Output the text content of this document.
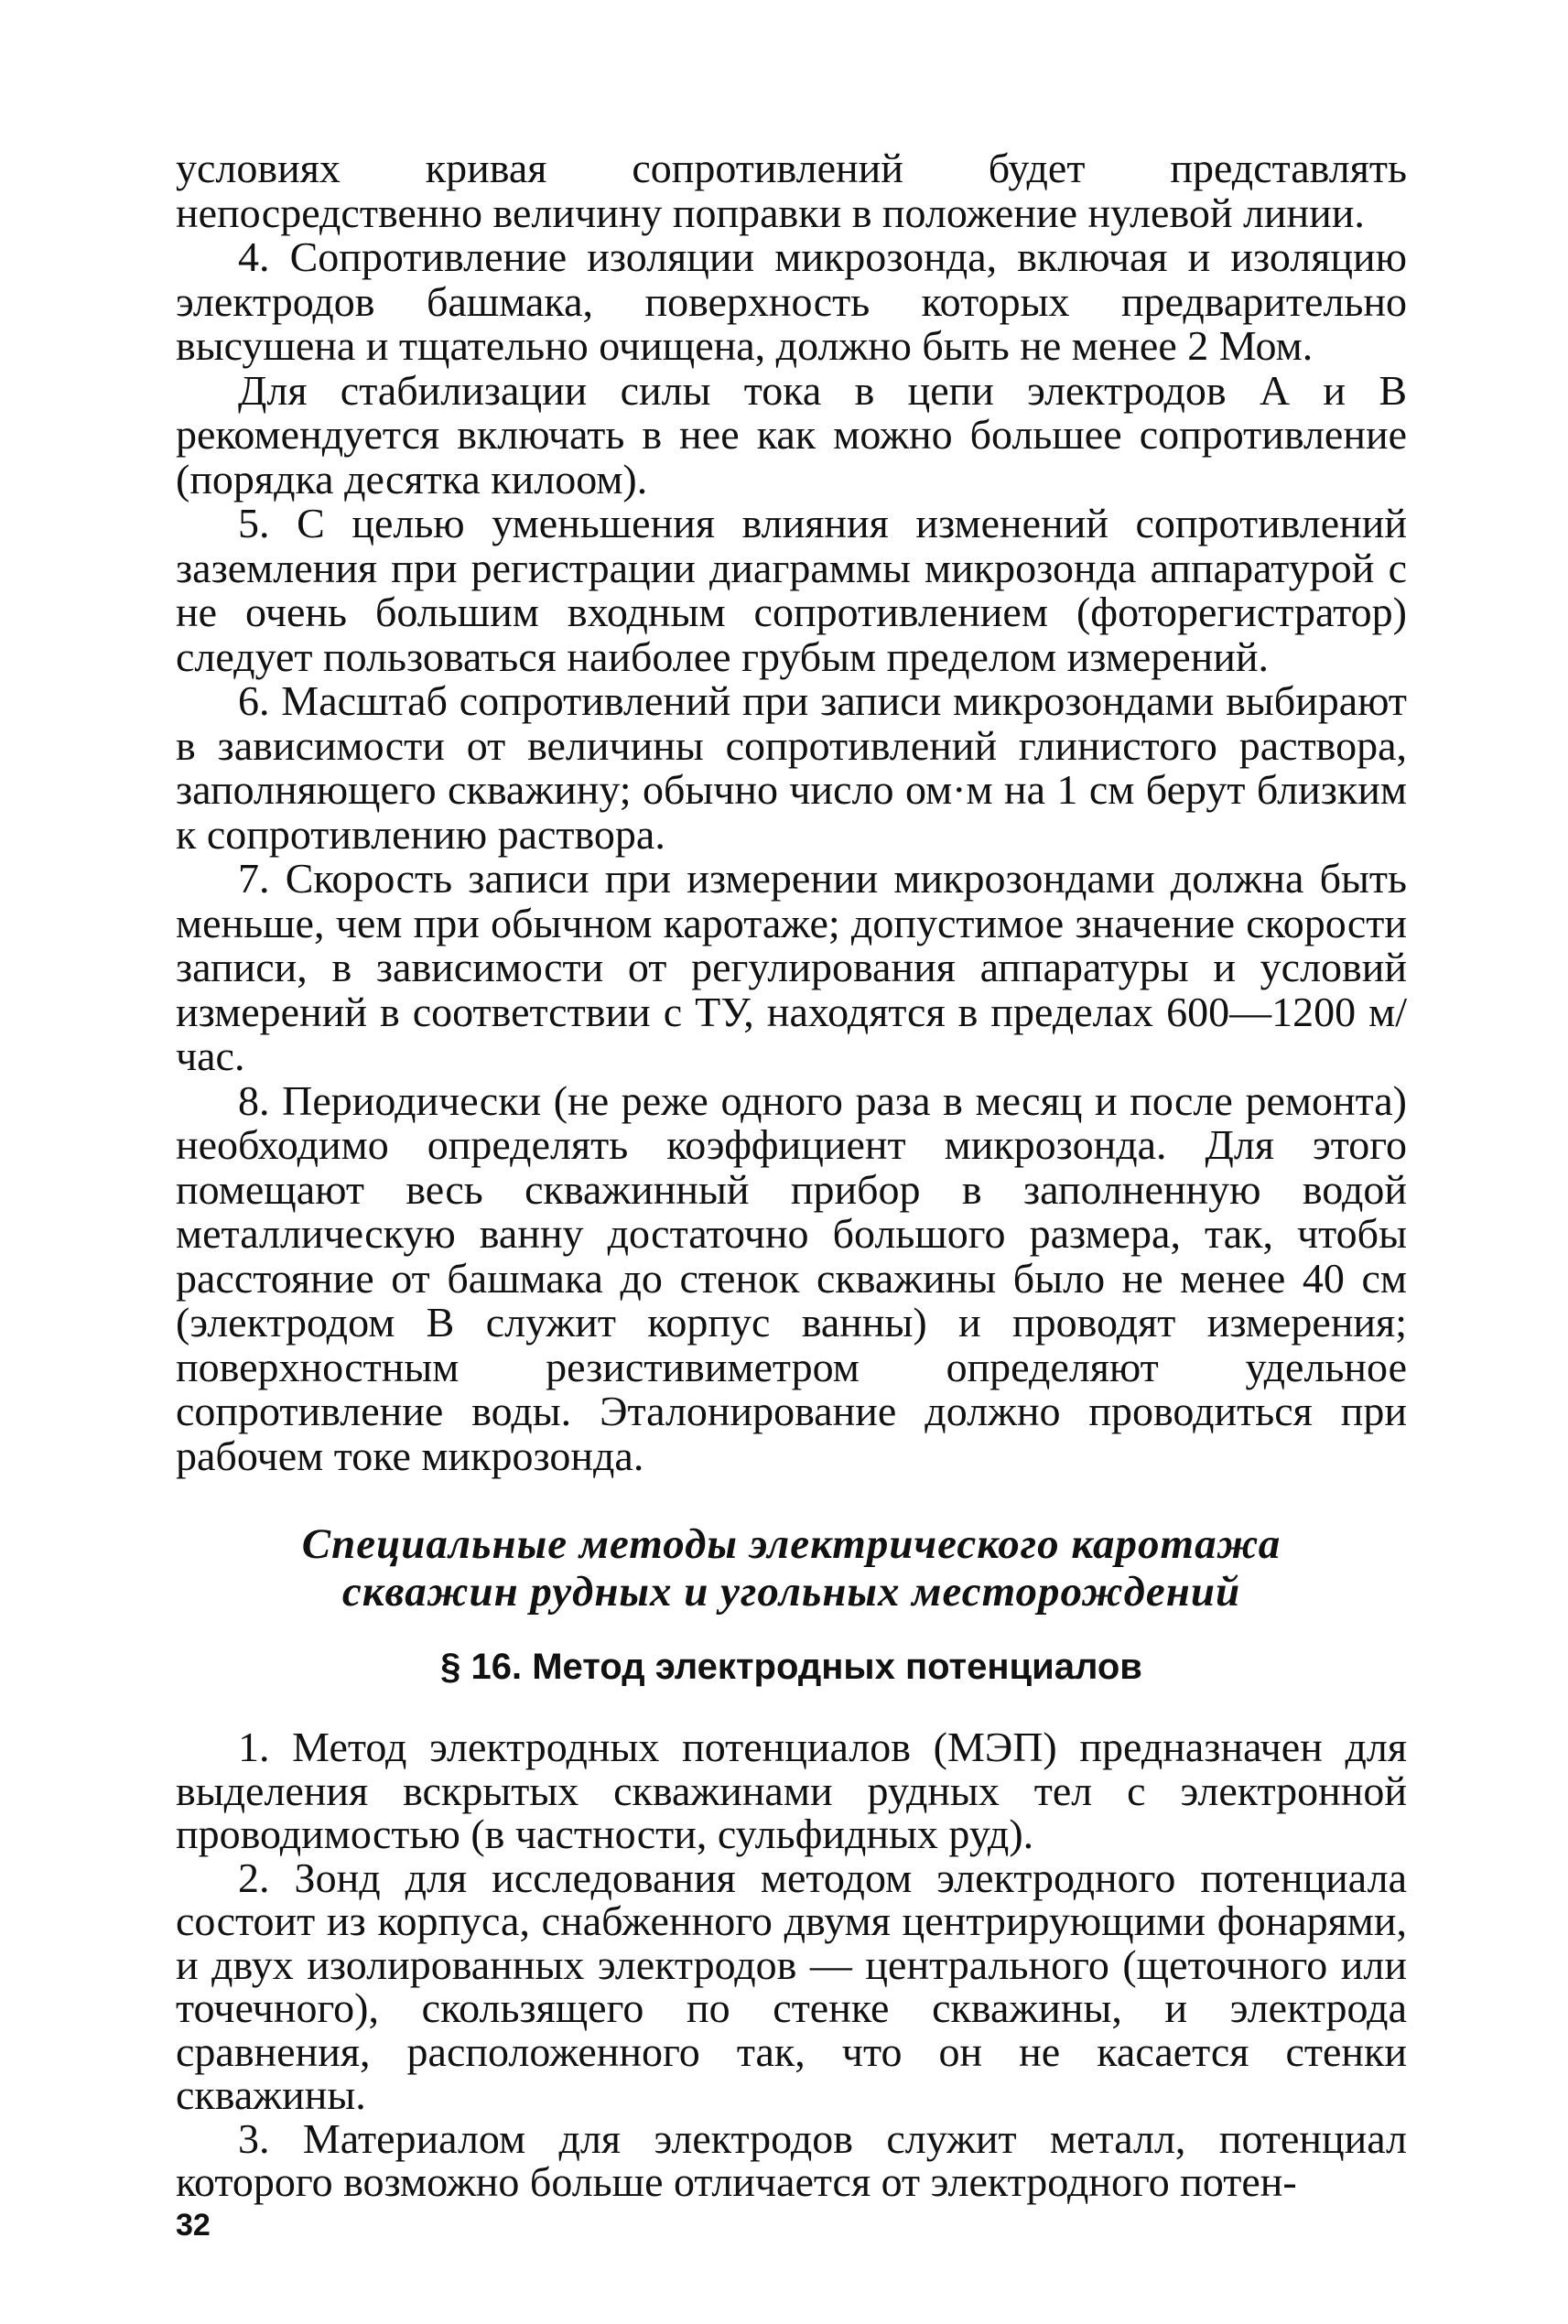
условиях кривая сопротивлений будет представлять непосредственно величину поправки в положение нулевой линии.

4. Сопротивление изоляции микрозонда, включая и изоляцию электродов башмака, поверхность которых предварительно высушена и тщательно очищена, должно быть не менее 2 Мом.

Для стабилизации силы тока в цепи электродов А и В рекомендуется включать в нее как можно большее сопротивление (порядка десятка килоом).

5. С целью уменьшения влияния изменений сопротивлений заземления при регистрации диаграммы микрозонда аппаратурой с не очень большим входным сопротивлением (фоторегистратор) следует пользоваться наиболее грубым пределом измерений.

6. Масштаб сопротивлений при записи микрозондами выбирают в зависимости от величины сопротивлений глинистого раствора, заполняющего скважину; обычно число ом·м на 1 см берут близким к сопротивлению раствора.

7. Скорость записи при измерении микрозондами должна быть меньше, чем при обычном каротаже; допустимое значение скорости записи, в зависимости от регулирования аппаратуры и условий измерений в соответствии с ТУ, находятся в пределах 600—1200 м/час.

8. Периодически (не реже одного раза в месяц и после ремонта) необходимо определять коэффициент микрозонда. Для этого помещают весь скважинный прибор в заполненную водой металлическую ванну достаточно большого размера, так, чтобы расстояние от башмака до стенок скважины было не менее 40 см (электродом В служит корпус ванны) и проводят измерения; поверхностным резистивиметром определяют удельное сопротивление воды. Эталонирование должно проводиться при рабочем токе микрозонда.

Специальные методы электрического каротажа
скважин рудных и угольных месторождений
§ 16. Метод электродных потенциалов

1. Метод электродных потенциалов (МЭП) предназначен для выделения вскрытых скважинами рудных тел с электронной проводимостью (в частности, сульфидных руд).

2. Зонд для исследования методом электродного потенциала состоит из корпуса, снабженного двумя центрирующими фонарями, и двух изолированных электродов — центрального (щеточного или точечного), скользящего по стенке скважины, и электрода сравнения, расположенного так, что он не касается стенки скважины.

3. Материалом для электродов служит металл, потенциал которого возможно больше отличается от электродного потен-

32
